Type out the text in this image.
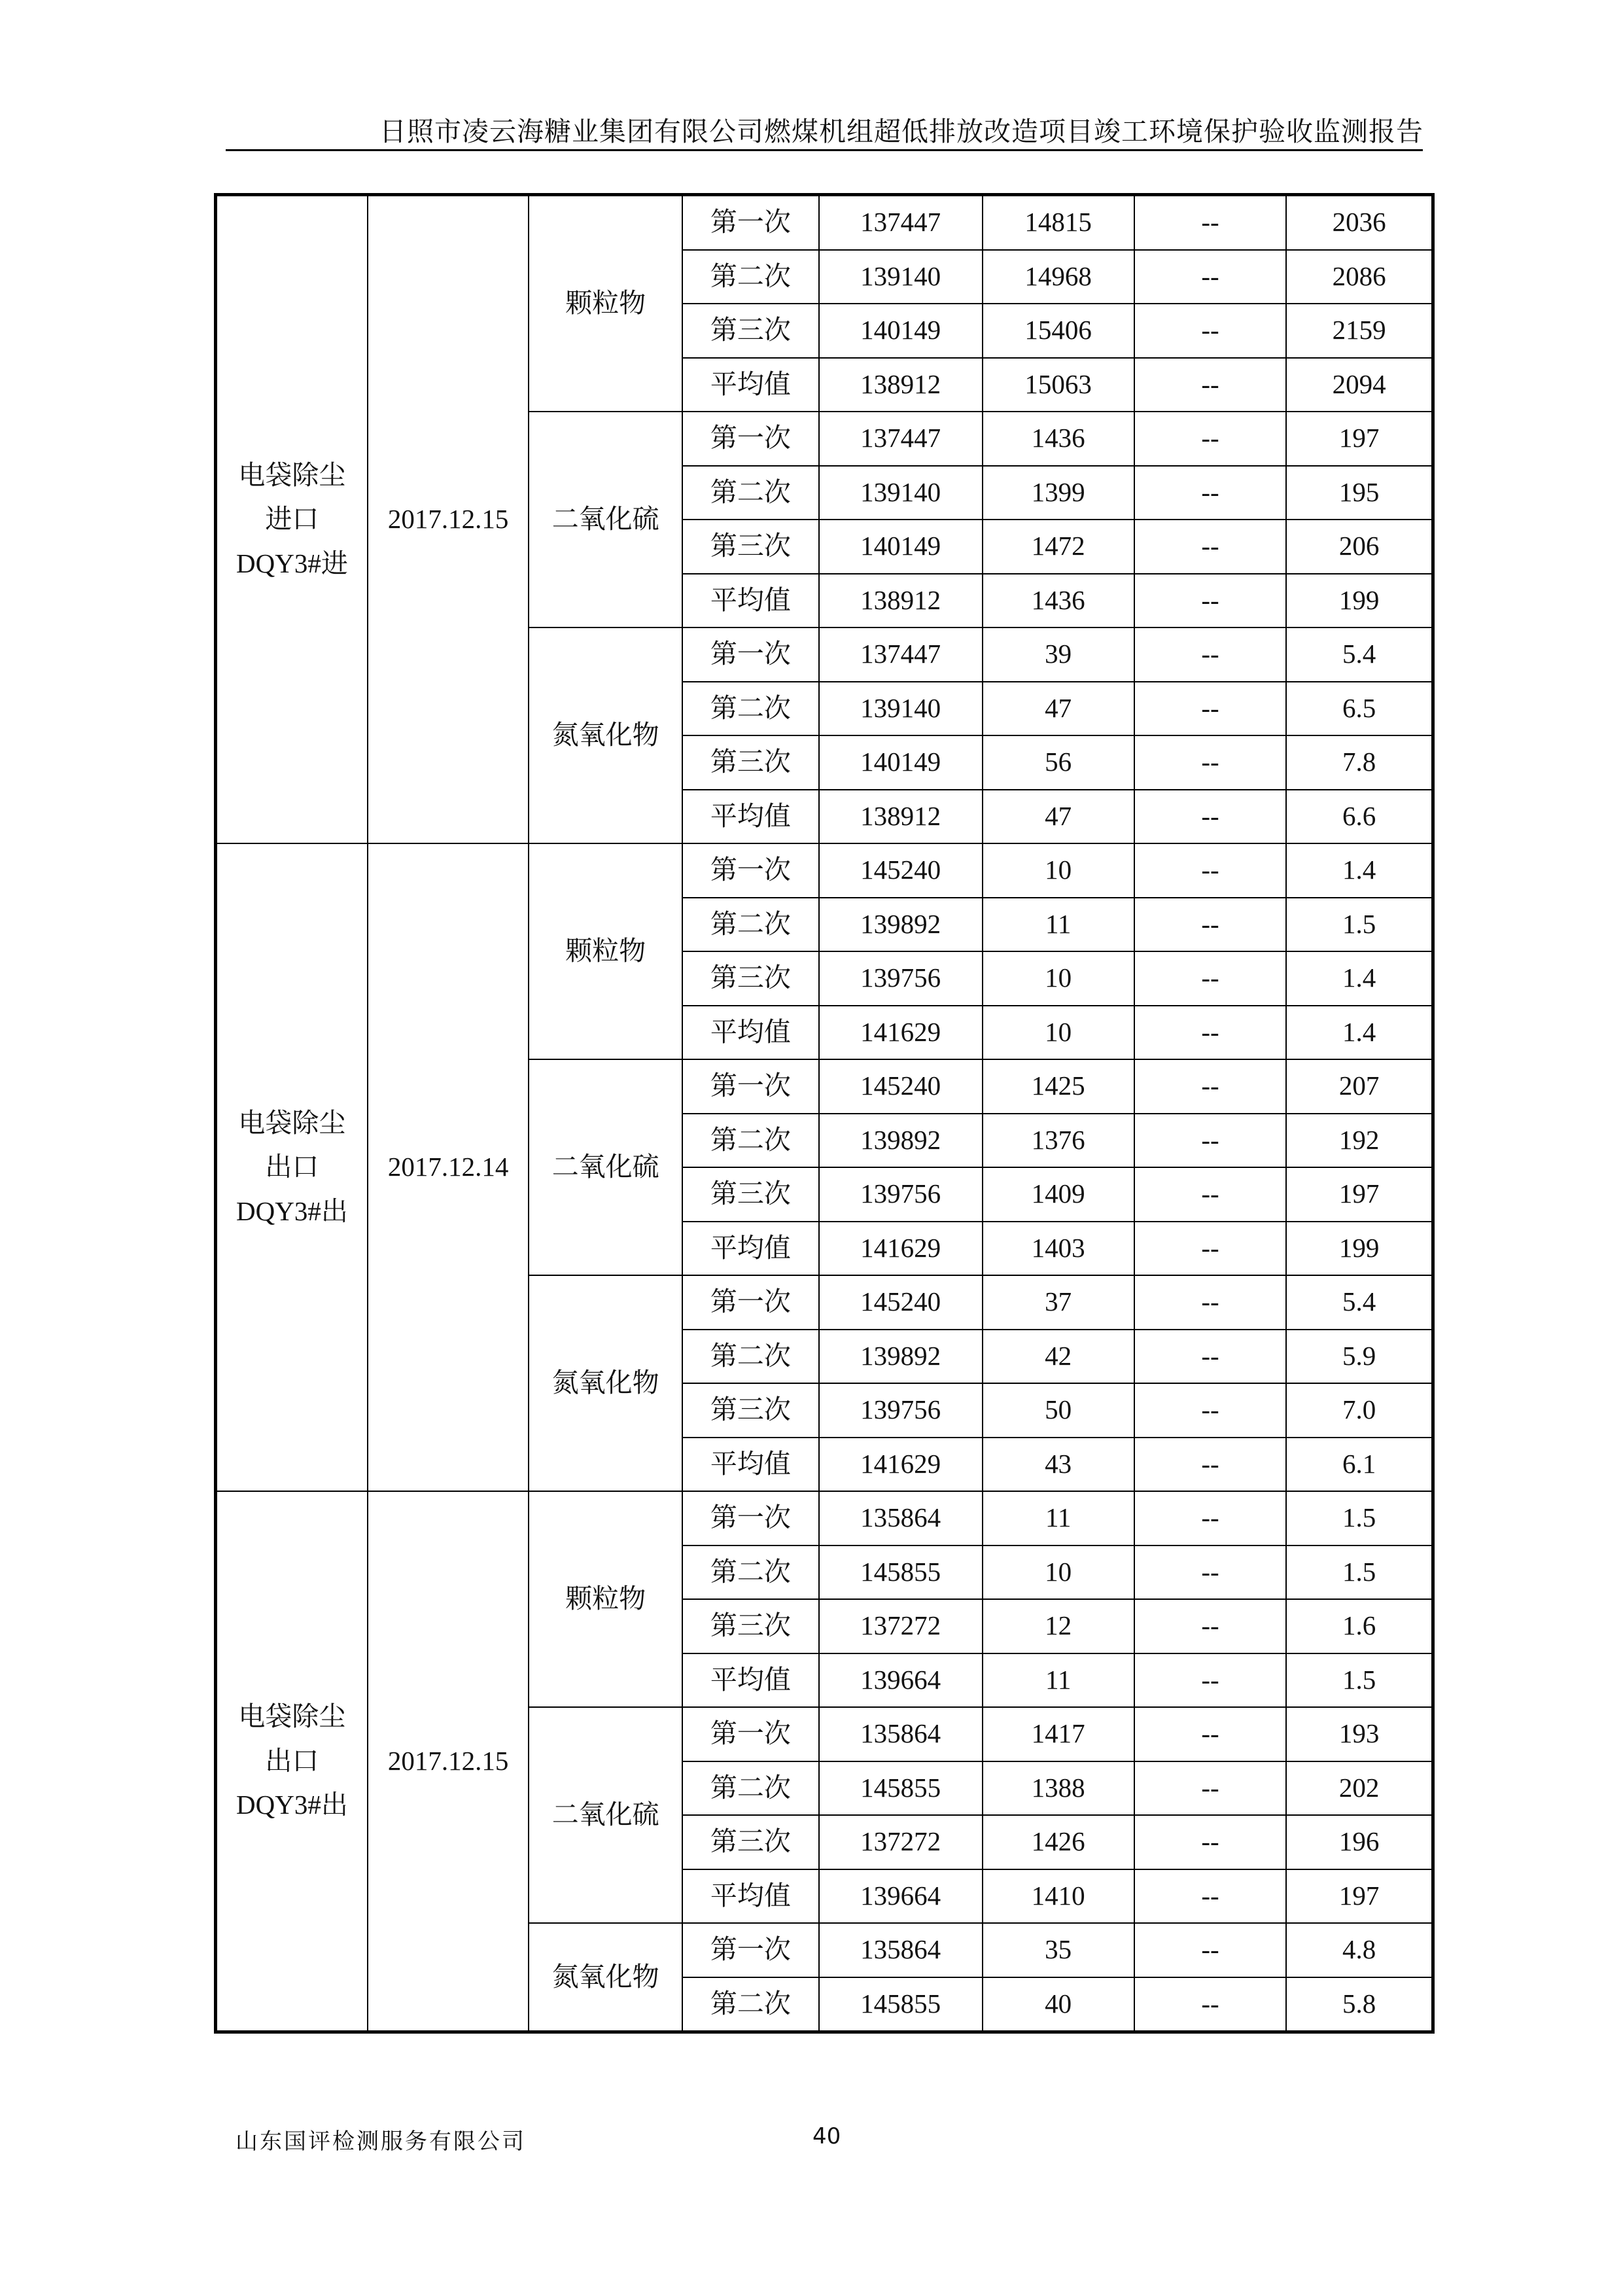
日照市凌云海糖业集团有限公司燃煤机组超低排放改造项目竣工环境保护验收监测报告
电袋除尘
进口
DQY3#进	2017.12.15	颗粒物	第一次	137447	14815	--	2036
			第二次	139140	14968	--	2086
			第三次	140149	15406	--	2159
			平均值	138912	15063	--	2094
		二氧化硫	第一次	137447	1436	--	197
			第二次	139140	1399	--	195
			第三次	140149	1472	--	206
			平均值	138912	1436	--	199
		氮氧化物	第一次	137447	39	--	5.4
			第二次	139140	47	--	6.5
			第三次	140149	56	--	7.8
			平均值	138912	47	--	6.6

电袋除尘
出口
DQY3#出	2017.12.14	颗粒物	第一次	145240	10	--	1.4
			第二次	139892	11	--	1.5
			第三次	139756	10	--	1.4
			平均值	141629	10	--	1.4
		二氧化硫	第一次	145240	1425	--	207
			第二次	139892	1376	--	192
			第三次	139756	1409	--	197
			平均值	141629	1403	--	199
		氮氧化物	第一次	145240	37	--	5.4
			第二次	139892	42	--	5.9
			第三次	139756	50	--	7.0
			平均值	141629	43	--	6.1

电袋除尘
出口
DQY3#出	2017.12.15	颗粒物	第一次	135864	11	--	1.5
			第二次	145855	10	--	1.5
			第三次	137272	12	--	1.6
			平均值	139664	11	--	1.5
		二氧化硫	第一次	135864	1417	--	193
			第二次	145855	1388	--	202
			第三次	137272	1426	--	196
			平均值	139664	1410	--	197
		氮氧化物	第一次	135864	35	--	4.8
			第二次	145855	40	--	5.8
山东国评检测服务有限公司	40
